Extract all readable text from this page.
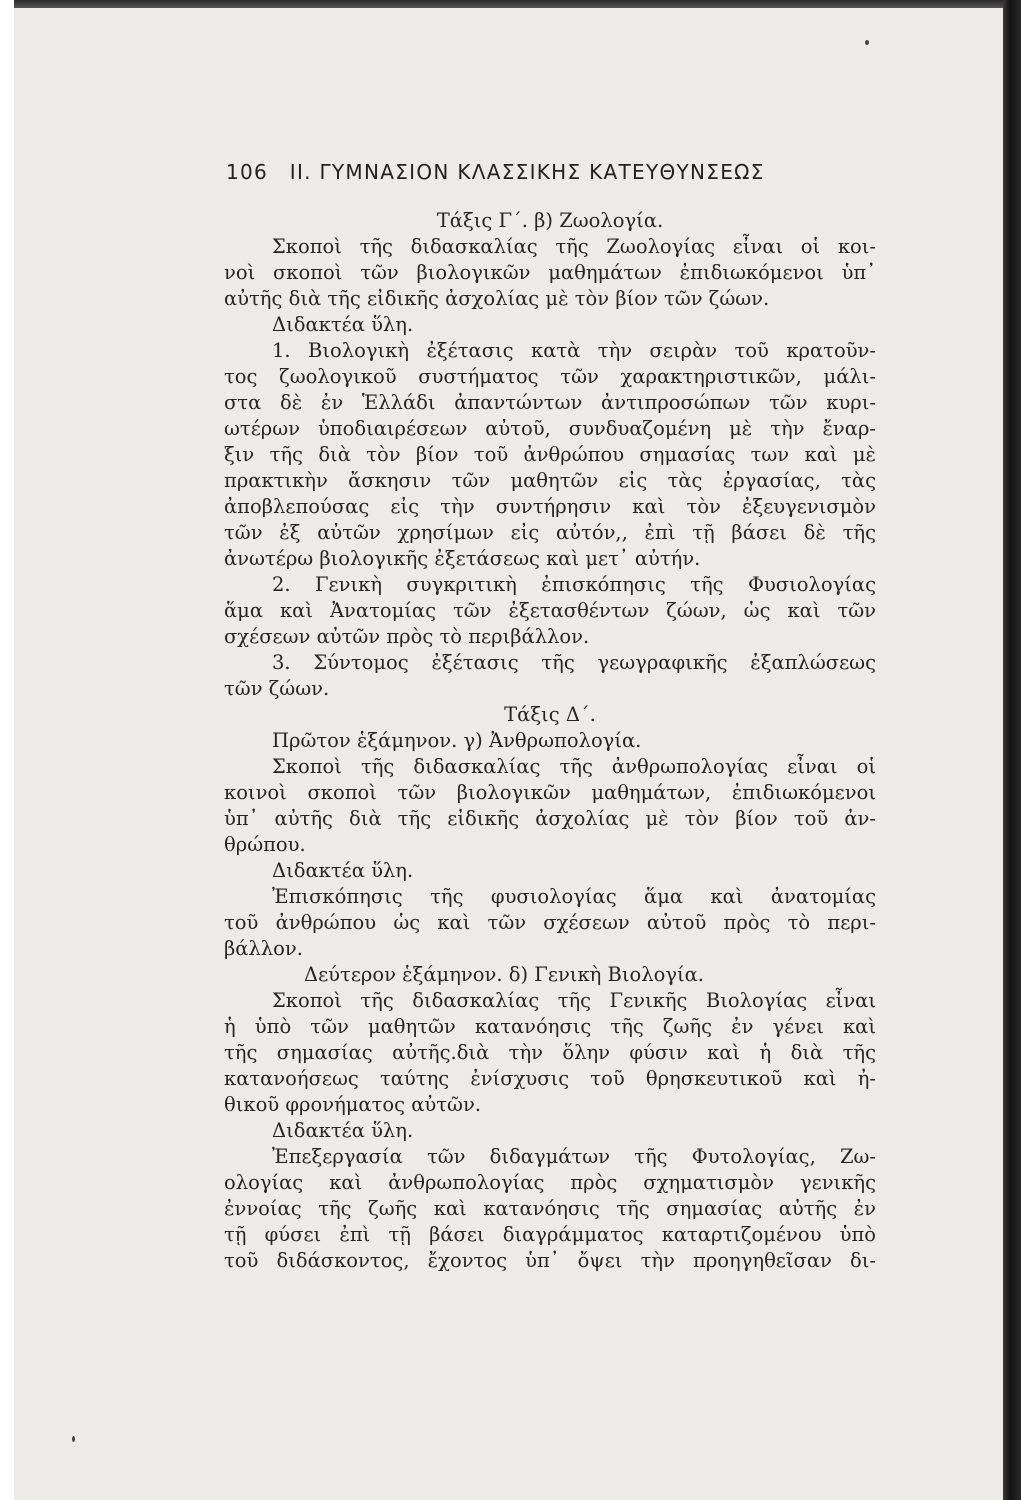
106 ΙΙ. ΓΥΜΝΑΣΙΟΝ ΚΛΑΣΣΙΚΗΣ ΚΑΤΕΥΘΥΝΣΕΩΣ
Τάξις Γ΄. β) Ζωολογία.
Σκοποὶ τῆς διδασκαλίας τῆς Ζωολογίας εἶναι οἱ κοι-
νοὶ σκοποὶ τῶν βιολογικῶν μαθημάτων ἐπιδιωκόμενοι ὑπ᾽
αὐτῆς διὰ τῆς εἰδικῆς ἀσχολίας μὲ τὸν βίον τῶν ζώων.
Διδακτέα ὕλη.
1. Βιολογικὴ ἐξέτασις κατὰ τὴν σειρὰν τοῦ κρατοῦν-
τος ζωολογικοῦ συστήματος τῶν χαρακτηριστικῶν, μάλι-
στα δὲ ἐν Ἑλλάδι ἀπαντώντων ἀντιπροσώπων τῶν κυρι-
ωτέρων ὑποδιαιρέσεων αὐτοῦ, συνδυαζομένη μὲ τὴν ἔναρ-
ξιν τῆς διὰ τὸν βίον τοῦ ἀνθρώπου σημασίας των καὶ μὲ
πρακτικὴν ἄσκησιν τῶν μαθητῶν εἰς τὰς ἐργασίας, τὰς
ἀποβλεπούσας εἰς τὴν συντήρησιν καὶ τὸν ἐξευγενισμὸν
τῶν ἐξ αὐτῶν χρησίμων εἰς αὐτόν,, ἐπὶ τῇ βάσει δὲ τῆς
ἀνωτέρω βιολογικῆς ἐξετάσεως καὶ μετ᾽ αὐτήν.
2. Γενικὴ συγκριτικὴ ἐπισκόπησις τῆς Φυσιολογίας
ἅμα καὶ Ἀνατομίας τῶν ἐξετασθέντων ζώων, ὡς καὶ τῶν
σχέσεων αὐτῶν πρὸς τὸ περιβάλλον.
3. Σύντομος ἐξέτασις τῆς γεωγραφικῆς ἐξαπλώσεως
τῶν ζώων.
Τάξις Δ΄.
Πρῶτον ἑξάμηνον. γ) Ἀνθρωπολογία.
Σκοποὶ τῆς διδασκαλίας τῆς ἀνθρωπολογίας εἶναι οἱ
κοινοὶ σκοποὶ τῶν βιολογικῶν μαθημάτων, ἐπιδιωκόμενοι
ὑπ᾽ αὐτῆς διὰ τῆς εἰδικῆς ἀσχολίας μὲ τὸν βίον τοῦ ἀν-
θρώπου.
Διδακτέα ὕλη.
Ἐπισκόπησις τῆς φυσιολογίας ἅμα καὶ ἀνατομίας
τοῦ ἀνθρώπου ὡς καὶ τῶν σχέσεων αὐτοῦ πρὸς τὸ περι-
βάλλον.
Δεύτερον ἑξάμηνον. δ) Γενικὴ Βιολογία.
Σκοποὶ τῆς διδασκαλίας τῆς Γενικῆς Βιολογίας εἶναι
ἡ ὑπὸ τῶν μαθητῶν κατανόησις τῆς ζωῆς ἐν γένει καὶ
τῆς σημασίας αὐτῆς.διὰ τὴν ὅλην φύσιν καὶ ἡ διὰ τῆς
κατανοήσεως ταύτης ἐνίσχυσις τοῦ θρησκευτικοῦ καὶ ἠ-
θικοῦ φρονήματος αὐτῶν.
Διδακτέα ὕλη.
Ἐπεξεργασία τῶν διδαγμάτων τῆς Φυτολογίας, Ζω-
ολογίας καὶ ἀνθρωπολογίας πρὸς σχηματισμὸν γενικῆς
ἐννοίας τῆς ζωῆς καὶ κατανόησις τῆς σημασίας αὐτῆς ἐν
τῇ φύσει ἐπὶ τῇ βάσει διαγράμματος καταρτιζομένου ὑπὸ
τοῦ διδάσκοντος, ἔχοντος ὑπ᾽ ὄψει τὴν προηγηθεῖσαν δι-
